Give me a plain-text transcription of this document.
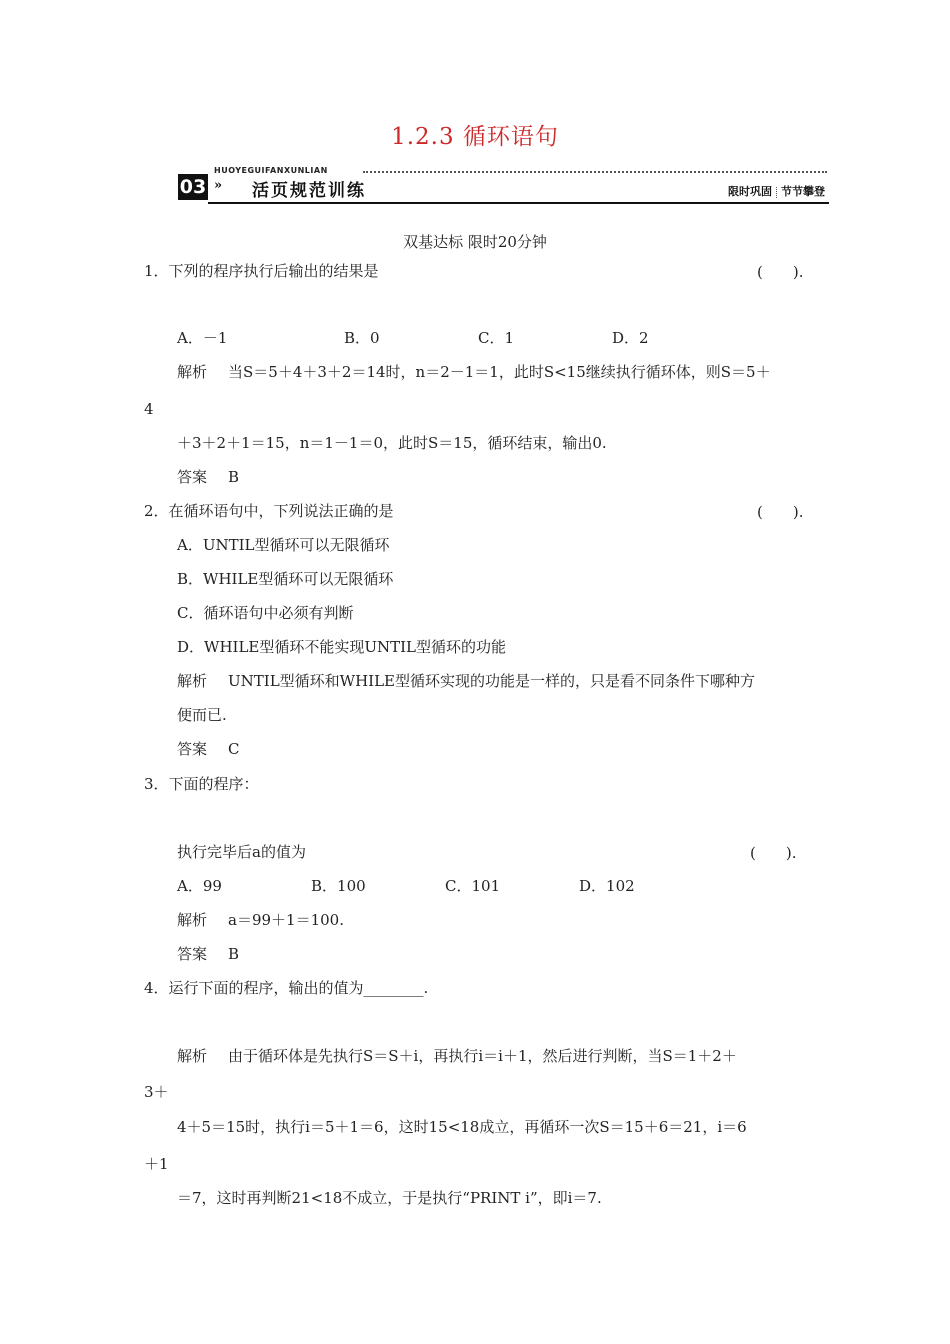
1.2.3 循环语句
HUOYEGUIFANXUNLIAN
03 » 活页规范训练	限时巩固 节节攀登
双基达标 限时20分钟
1．下列的程序执行后输出的结果是	(　　).
A．－1	B．0	C．1	D．2
解析 当S＝5＋4＋3＋2＝14时，n＝2－1＝1，此时S<15继续执行循环体，则S＝5＋
4
＋3＋2＋1＝15，n＝1－1＝0，此时S＝15，循环结束，输出0.
答案 B
2．在循环语句中，下列说法正确的是	(　　).
A．UNTIL型循环可以无限循环
B．WHILE型循环可以无限循环
C．循环语句中必须有判断
D．WHILE型循环不能实现UNTIL型循环的功能
解析 UNTIL型循环和WHILE型循环实现的功能是一样的，只是看不同条件下哪种方
便而已.
答案 C
3．下面的程序：
执行完毕后a的值为	(　　).
A．99	B．100	C．101	D．102
解析 a＝99＋1＝100.
答案 B
4．运行下面的程序，输出的值为________.
解析 由于循环体是先执行S＝S＋i，再执行i＝i＋1，然后进行判断，当S＝1＋2＋
3＋
4＋5＝15时，执行i＝5＋1＝6，这时15<18成立，再循环一次S＝15＋6＝21，i＝6
＋1
＝7，这时再判断21<18不成立，于是执行“PRINT i”，即i＝7.
